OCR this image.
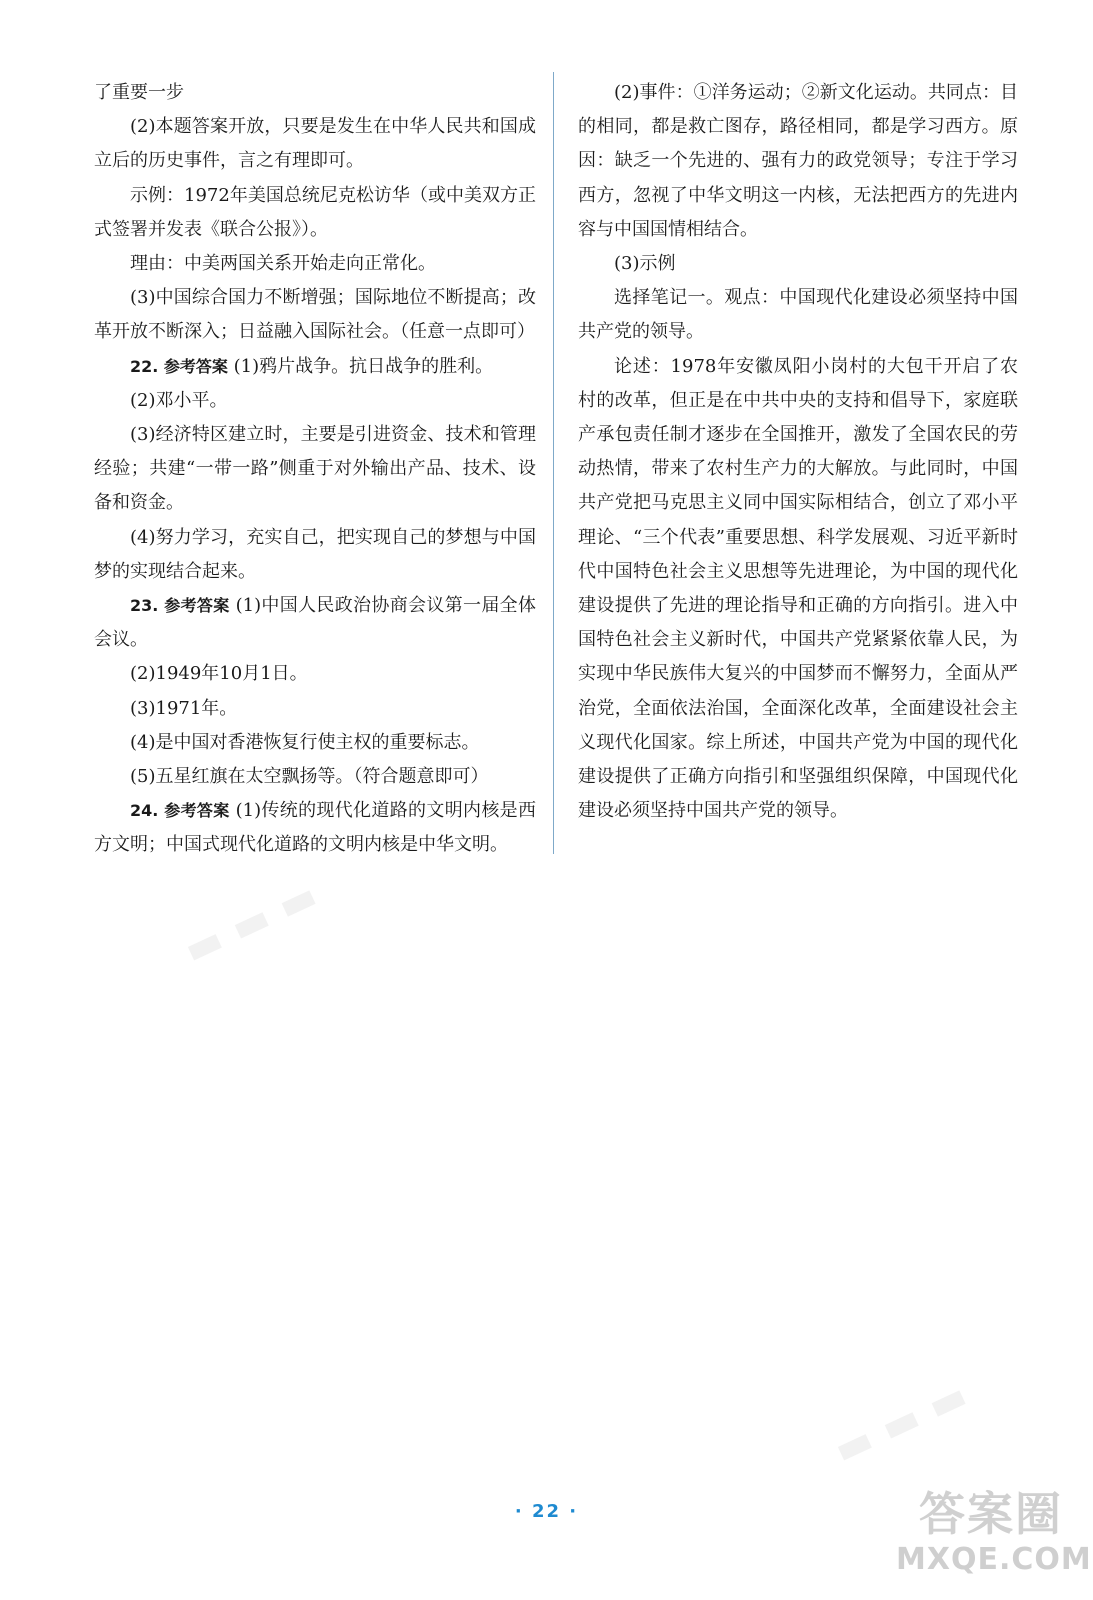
了重要一步

(2)本题答案开放，只要是发生在中华人民共和国成立后的历史事件，言之有理即可。

示例：1972年美国总统尼克松访华（或中美双方正式签署并发表《联合公报》）。

理由：中美两国关系开始走向正常化。

(3)中国综合国力不断增强；国际地位不断提高；改革开放不断深入；日益融入国际社会。（任意一点即可）

22. 参考答案 (1)鸦片战争。抗日战争的胜利。

(2)邓小平。

(3)经济特区建立时，主要是引进资金、技术和管理经验；共建“一带一路”侧重于对外输出产品、技术、设备和资金。

(4)努力学习，充实自己，把实现自己的梦想与中国梦的实现结合起来。

23. 参考答案 (1)中国人民政治协商会议第一届全体会议。

(2)1949年10月1日。

(3)1971年。

(4)是中国对香港恢复行使主权的重要标志。

(5)五星红旗在太空飘扬等。（符合题意即可）

24. 参考答案 (1)传统的现代化道路的文明内核是西方文明；中国式现代化道路的文明内核是中华文明。

(2)事件：①洋务运动；②新文化运动。共同点：目的相同，都是救亡图存，路径相同，都是学习西方。原因：缺乏一个先进的、强有力的政党领导；专注于学习西方，忽视了中华文明这一内核，无法把西方的先进内容与中国国情相结合。

(3)示例

选择笔记一。观点：中国现代化建设必须坚持中国共产党的领导。

论述：1978年安徽凤阳小岗村的大包干开启了农村的改革，但正是在中共中央的支持和倡导下，家庭联产承包责任制才逐步在全国推开，激发了全国农民的劳动热情，带来了农村生产力的大解放。与此同时，中国共产党把马克思主义同中国实际相结合，创立了邓小平理论、“三个代表”重要思想、科学发展观、习近平新时代中国特色社会主义思想等先进理论，为中国的现代化建设提供了先进的理论指导和正确的方向指引。进入中国特色社会主义新时代，中国共产党紧紧依靠人民，为实现中华民族伟大复兴的中国梦而不懈努力，全面从严治党，全面依法治国，全面深化改革，全面建设社会主义现代化国家。综上所述，中国共产党为中国的现代化建设提供了正确方向指引和坚强组织保障，中国现代化建设必须坚持中国共产党的领导。

▬ ▬ ▬
▬ ▬ ▬
· 22 ·	答案圈
MXQE.COM
